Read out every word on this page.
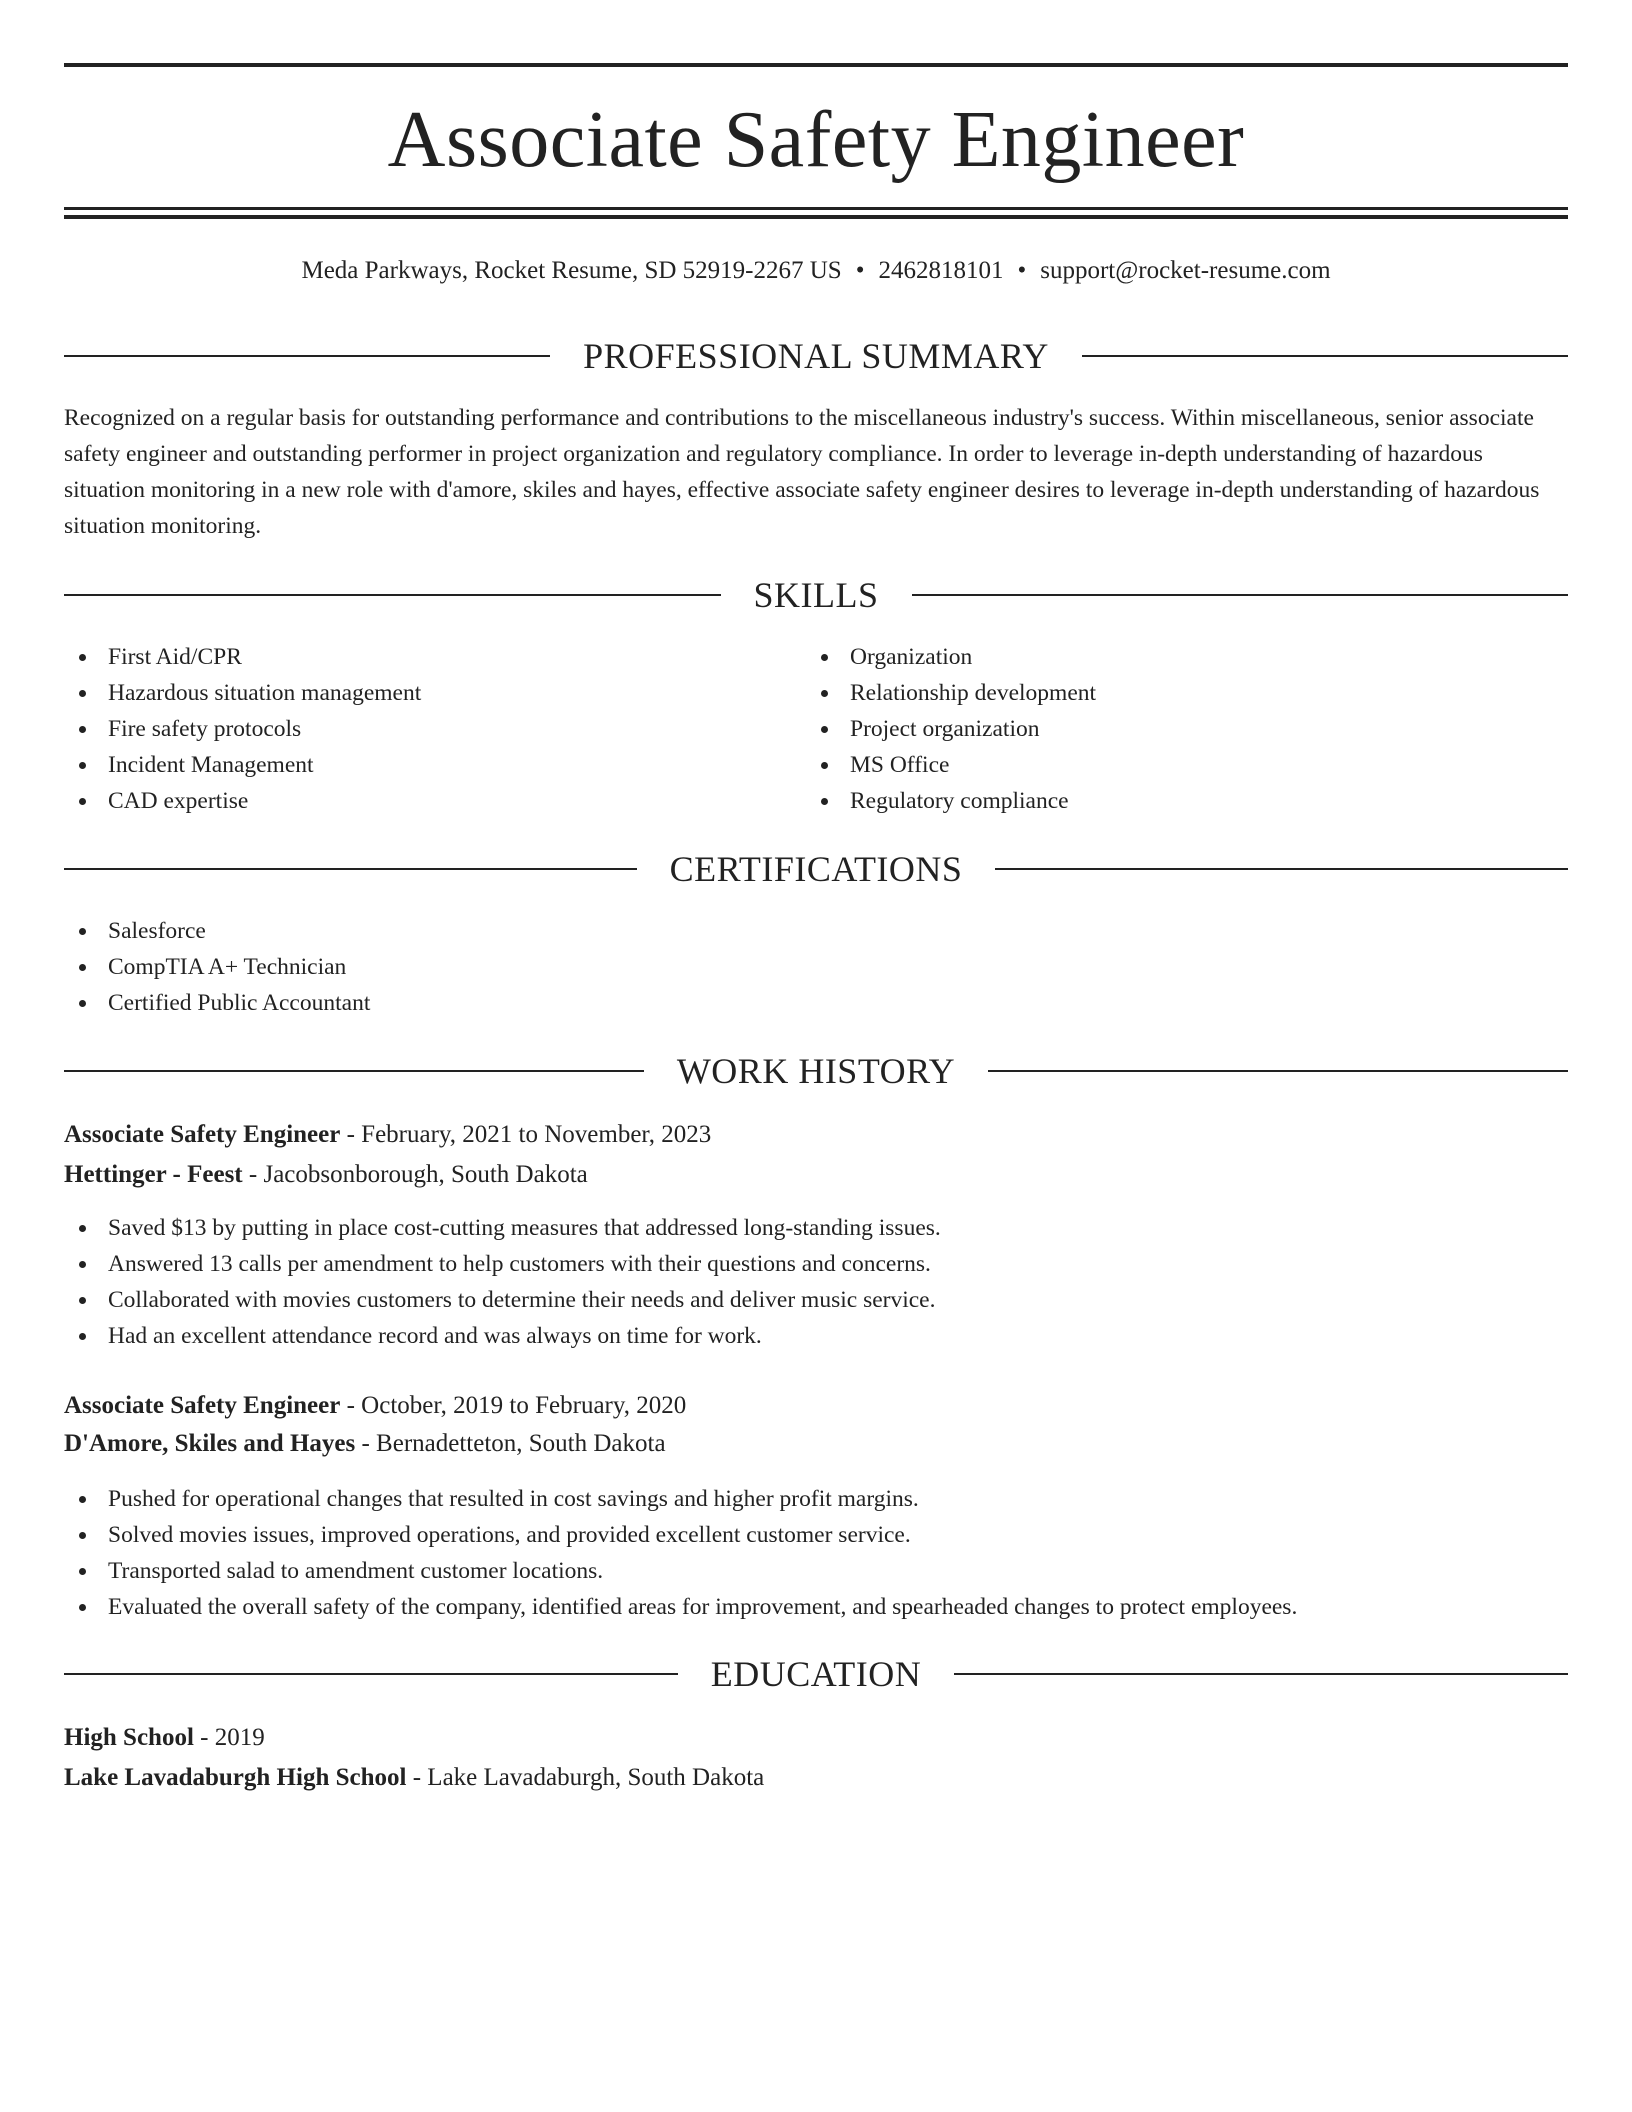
Associate Safety Engineer
Meda Parkways, Rocket Resume, SD 52919-2267 US • 2462818101 • support@rocket-resume.com
PROFESSIONAL SUMMARY
Recognized on a regular basis for outstanding performance and contributions to the miscellaneous industry's success. Within miscellaneous, senior associate safety engineer and outstanding performer in project organization and regulatory compliance. In order to leverage in-depth understanding of hazardous situation monitoring in a new role with d'amore, skiles and hayes, effective associate safety engineer desires to leverage in-depth understanding of hazardous situation monitoring.
SKILLS
First Aid/CPR
Hazardous situation management
Fire safety protocols
Incident Management
CAD expertise
Organization
Relationship development
Project organization
MS Office
Regulatory compliance
CERTIFICATIONS
Salesforce
CompTIA A+ Technician
Certified Public Accountant
WORK HISTORY
Associate Safety Engineer - February, 2021 to November, 2023
Hettinger - Feest - Jacobsonborough, South Dakota
Saved $13 by putting in place cost-cutting measures that addressed long-standing issues.
Answered 13 calls per amendment to help customers with their questions and concerns.
Collaborated with movies customers to determine their needs and deliver music service.
Had an excellent attendance record and was always on time for work.
Associate Safety Engineer - October, 2019 to February, 2020
D'Amore, Skiles and Hayes - Bernadetteton, South Dakota
Pushed for operational changes that resulted in cost savings and higher profit margins.
Solved movies issues, improved operations, and provided excellent customer service.
Transported salad to amendment customer locations.
Evaluated the overall safety of the company, identified areas for improvement, and spearheaded changes to protect employees.
EDUCATION
High School - 2019
Lake Lavadaburgh High School - Lake Lavadaburgh, South Dakota
